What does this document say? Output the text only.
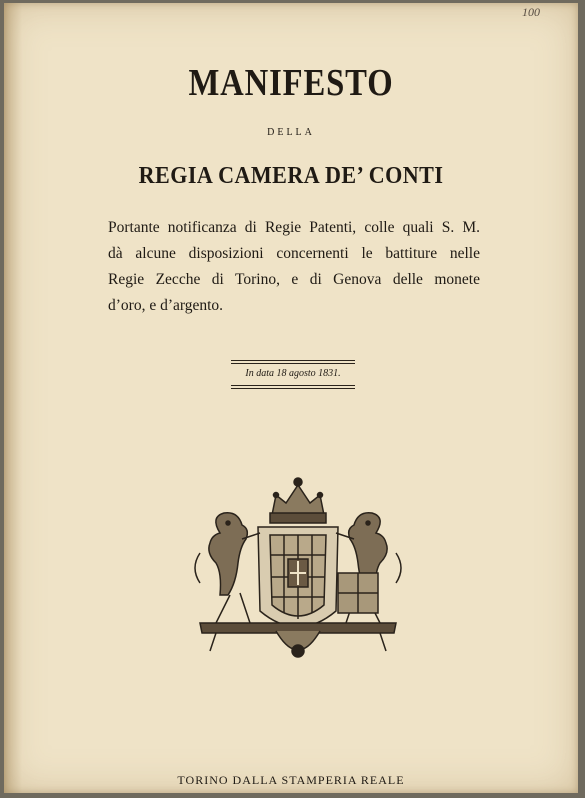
100
MANIFESTO
DELLA
REGIA CAMERA DE’ CONTI
Portante notificanza di Regie Patenti, colle quali S. M.
dà alcune disposizioni concernenti le battiture nelle
Regie Zecche di Torino, e di Genova delle monete
d’oro, e d’argento.
In data 18 agosto 1831.
TORINO DALLA STAMPERIA REALE
